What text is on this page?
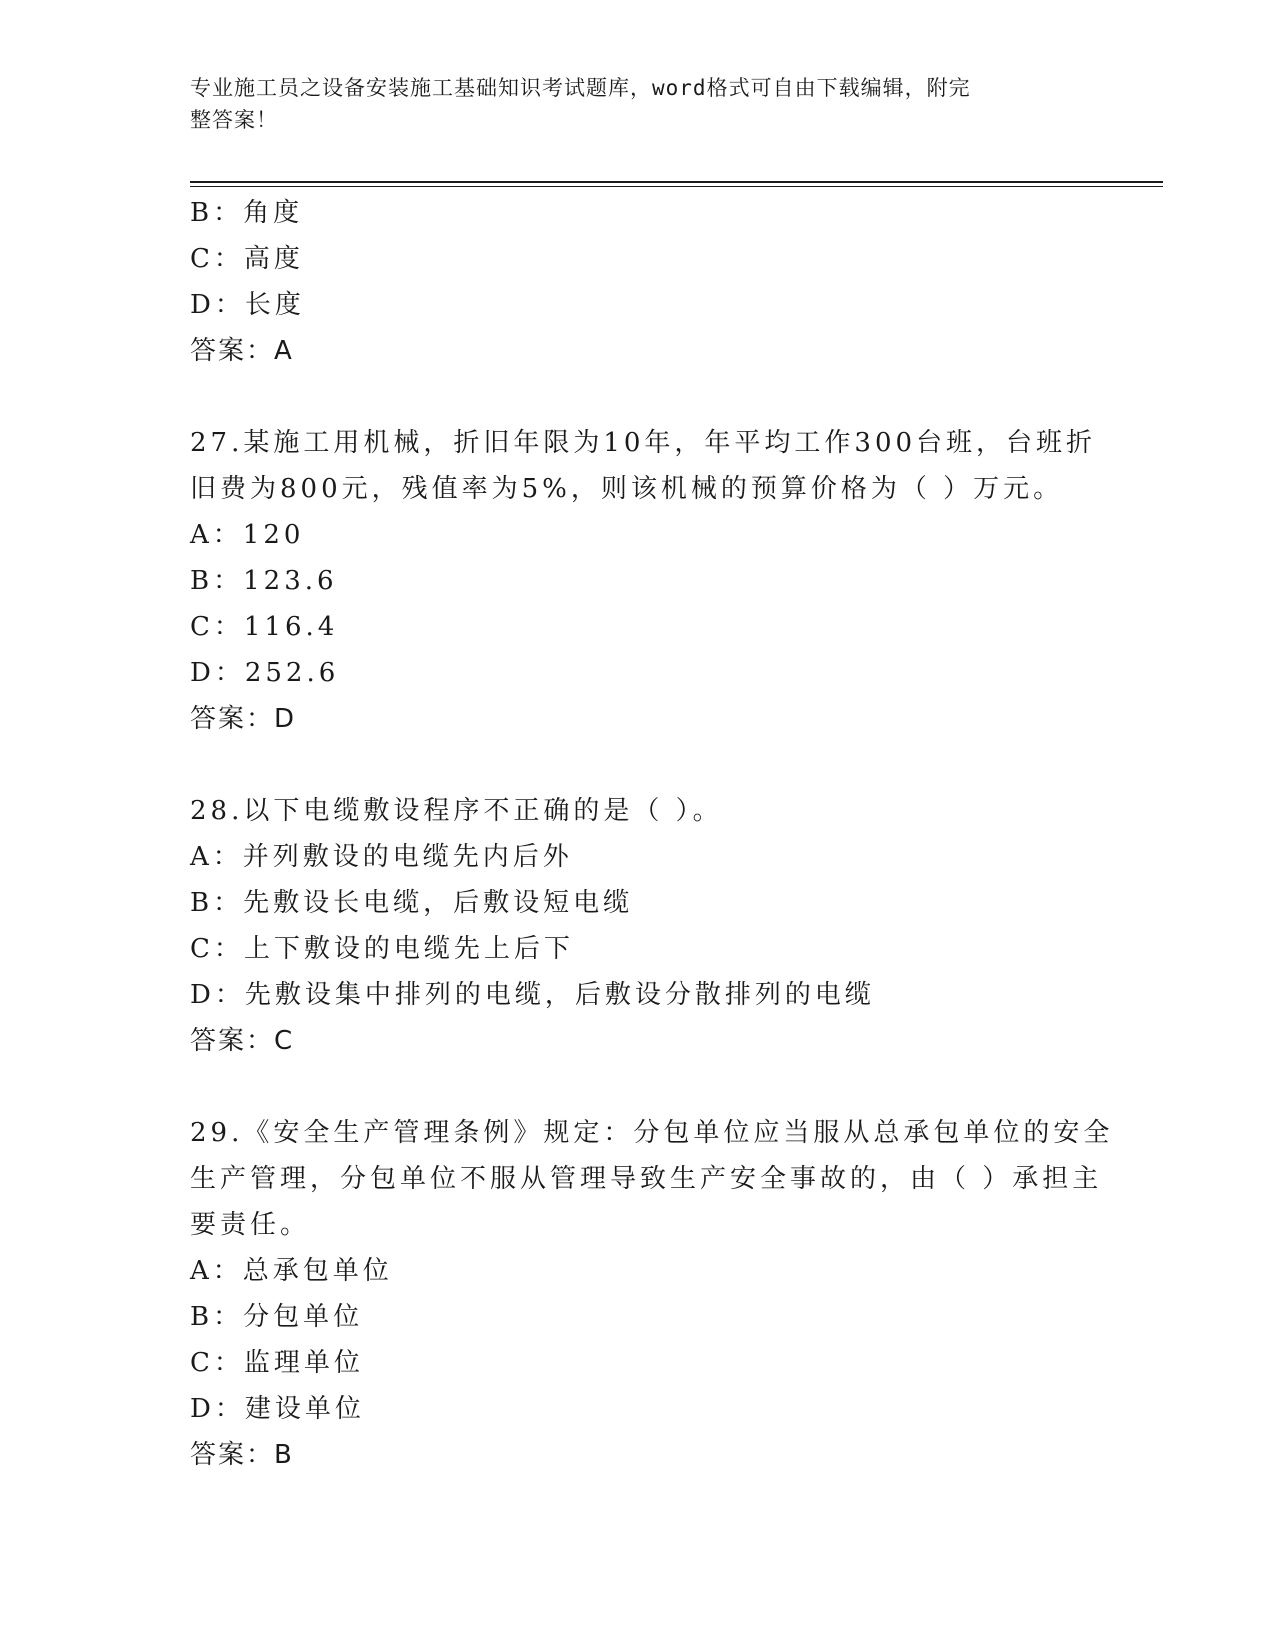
专业施工员之设备安装施工基础知识考试题库，word格式可自由下载编辑，附完
整答案！
B：角度
C：高度
D：长度
答案：A
27.某施工用机械，折旧年限为10年，年平均工作300台班，台班折
旧费为800元，残值率为5%，则该机械的预算价格为（ ）万元。
A：120
B：123.6
C：116.4
D：252.6
答案：D
28.以下电缆敷设程序不正确的是（ ）。
A：并列敷设的电缆先内后外
B：先敷设长电缆，后敷设短电缆
C：上下敷设的电缆先上后下
D：先敷设集中排列的电缆，后敷设分散排列的电缆
答案：C
29.《安全生产管理条例》规定：分包单位应当服从总承包单位的安全
生产管理，分包单位不服从管理导致生产安全事故的，由（ ）承担主
要责任。
A：总承包单位
B：分包单位
C：监理单位
D：建设单位
答案：B
